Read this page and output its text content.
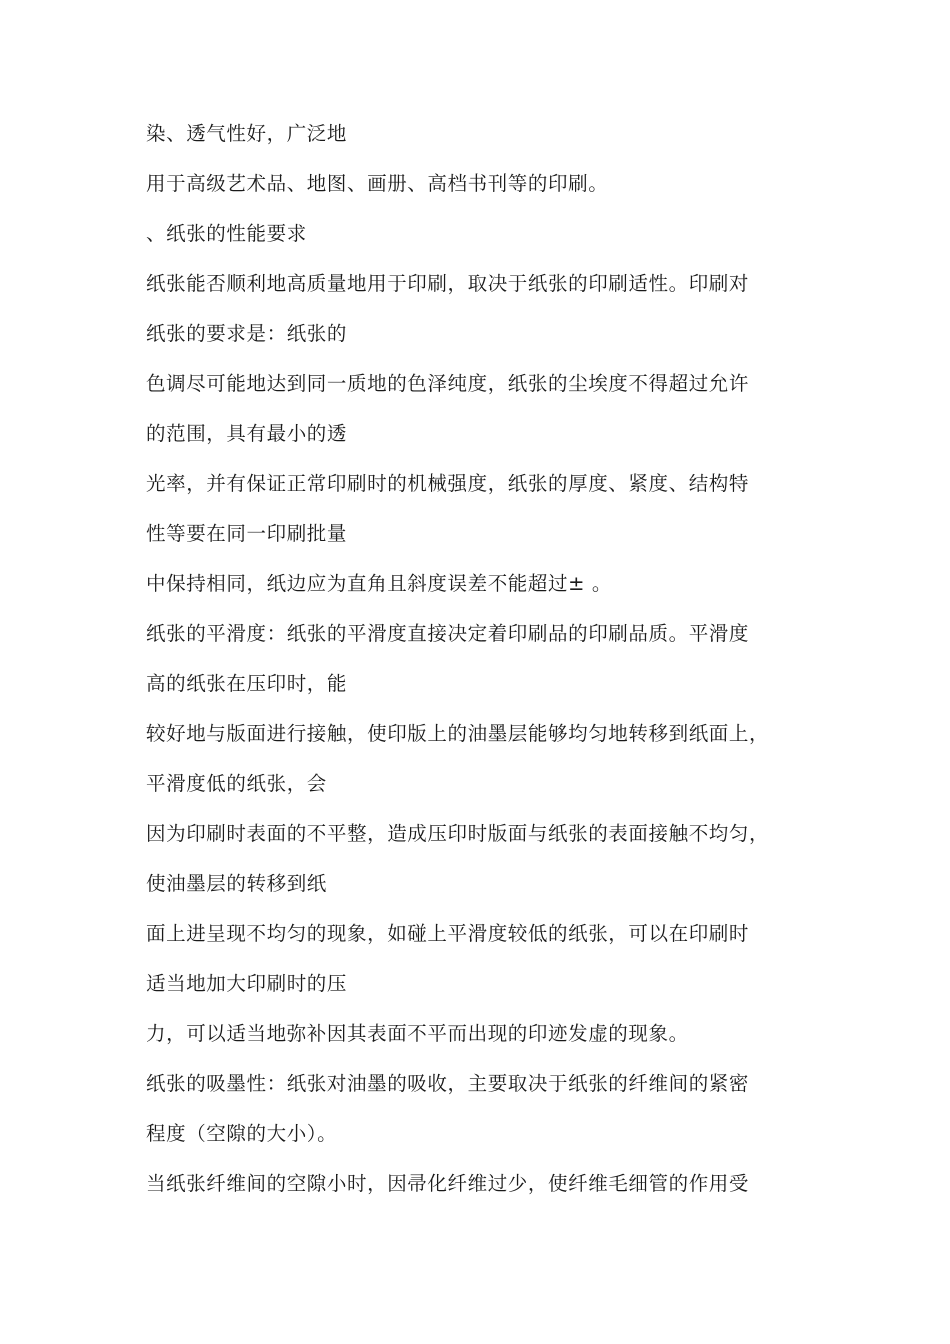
染、透气性好，广泛地
用于高级艺术品、地图、画册、高档书刊等的印刷。
、纸张的性能要求
纸张能否顺利地高质量地用于印刷，取决于纸张的印刷适性。印刷对
纸张的要求是：纸张的
色调尽可能地达到同一质地的色泽纯度，纸张的尘埃度不得超过允许
的范围，具有最小的透
光率，并有保证正常印刷时的机械强度，纸张的厚度、紧度、结构特
性等要在同一印刷批量
中保持相同，纸边应为直角且斜度误差不能超过± 。
纸张的平滑度：纸张的平滑度直接决定着印刷品的印刷品质。平滑度
高的纸张在压印时，能
较好地与版面进行接触，使印版上的油墨层能够均匀地转移到纸面上，
平滑度低的纸张，会
因为印刷时表面的不平整，造成压印时版面与纸张的表面接触不均匀，
使油墨层的转移到纸
面上进呈现不均匀的现象，如碰上平滑度较低的纸张，可以在印刷时
适当地加大印刷时的压
力，可以适当地弥补因其表面不平而出现的印迹发虚的现象。
纸张的吸墨性：纸张对油墨的吸收，主要取决于纸张的纤维间的紧密
程度（空隙的大小）。
当纸张纤维间的空隙小时，因帚化纤维过少，使纤维毛细管的作用受
